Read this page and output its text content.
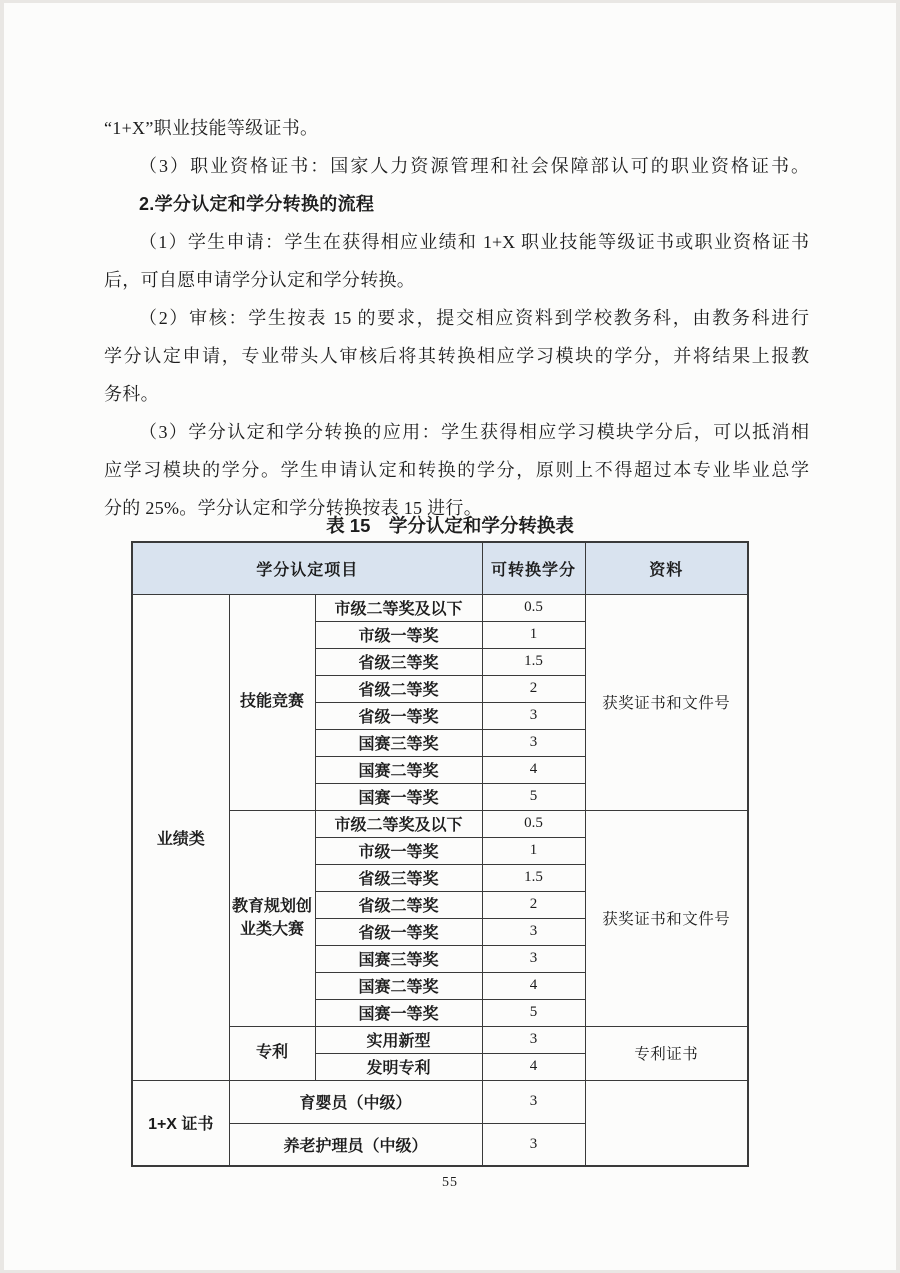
“1+X”职业技能等级证书。
（3）职业资格证书：国家人力资源管理和社会保障部认可的职业资格证书。
2.学分认定和学分转换的流程
（1）学生申请：学生在获得相应业绩和 1+X 职业技能等级证书或职业资格证书
后，可自愿申请学分认定和学分转换。
（2）审核：学生按表 15 的要求，提交相应资料到学校教务科，由教务科进行
学分认定申请，专业带头人审核后将其转换相应学习模块的学分，并将结果上报教
务科。
（3）学分认定和学分转换的应用：学生获得相应学习模块学分后，可以抵消相
应学习模块的学分。学生申请认定和转换的学分，原则上不得超过本专业毕业总学
分的 25%。学分认定和学分转换按表 15 进行。
表 15　学分认定和学分转换表
学分认定项目			可转换学分	资料
业绩类	技能竞赛	市级二等奖及以下	0.5	获奖证书和文件号
		市级一等奖	1	
		省级三等奖	1.5	
		省级二等奖	2	
		省级一等奖	3	
		国赛三等奖	3	
		国赛二等奖	4	
		国赛一等奖	5	
	教育规划创业类大赛	市级二等奖及以下	0.5	获奖证书和文件号
		市级一等奖	1	
		省级三等奖	1.5	
		省级二等奖	2	
		省级一等奖	3	
		国赛三等奖	3	
		国赛二等奖	4	
		国赛一等奖	5	
	专利	实用新型	3	专利证书
		发明专利	4	
1+X 证书	育婴员（中级）		3	
	养老护理员（中级）		3	
55
